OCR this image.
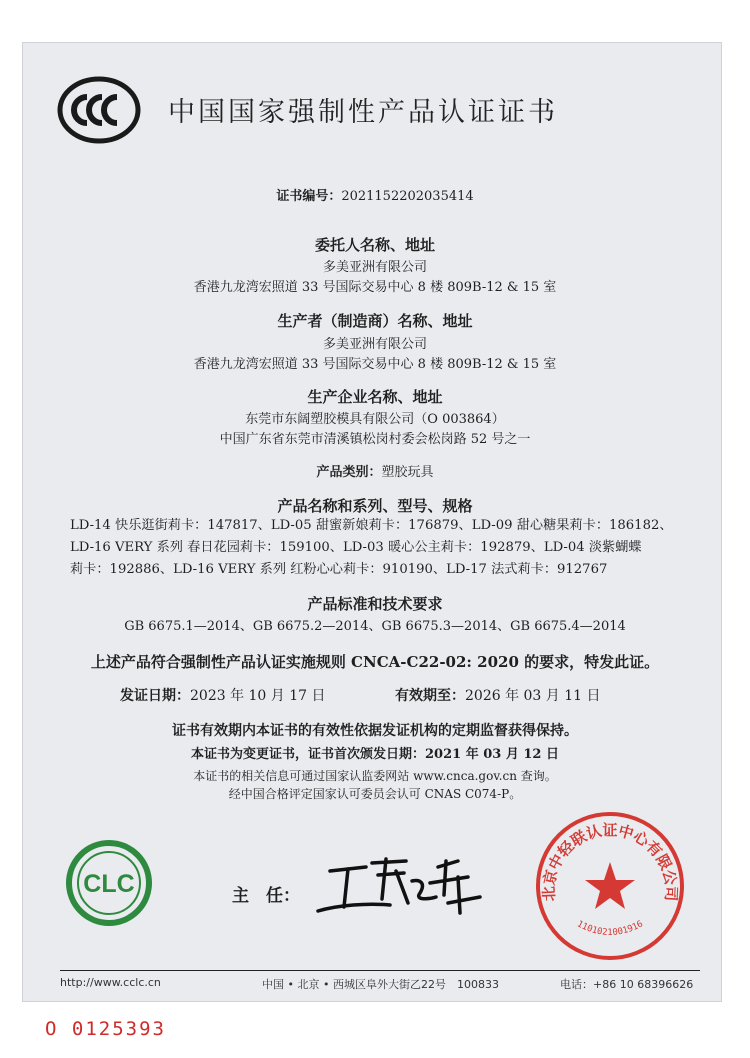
中国国家强制性产品认证证书
证书编号：2021152202035414
委托人名称、地址
多美亚洲有限公司
香港九龙湾宏照道 33 号国际交易中心 8 楼 809B-12 & 15 室
生产者（制造商）名称、地址
多美亚洲有限公司
香港九龙湾宏照道 33 号国际交易中心 8 楼 809B-12 & 15 室
生产企业名称、地址
东莞市东阔塑胶模具有限公司（O 003864）
中国广东省东莞市清溪镇松岗村委会松岗路 52 号之一
产品类别：塑胶玩具
产品名称和系列、型号、规格
LD-14 快乐逛街莉卡：147817、LD-05 甜蜜新娘莉卡：176879、LD-09 甜心糖果莉卡：186182、
LD-16 VERY 系列 春日花园莉卡：159100、LD-03 暖心公主莉卡：192879、LD-04 淡紫蝴蝶
莉卡：192886、LD-16 VERY 系列 红粉心心莉卡：910190、LD-17 法式莉卡：912767
产品标准和技术要求
GB 6675.1—2014、GB 6675.2—2014、GB 6675.3—2014、GB 6675.4—2014
上述产品符合强制性产品认证实施规则 CNCA-C22-02: 2020 的要求，特发此证。
发证日期：2023 年 10 月 17 日	有效期至：2026 年 03 月 11 日
证书有效期内本证书的有效性依据发证机构的定期监督获得保持。
本证书为变更证书，证书首次颁发日期：2021 年 03 月 12 日
本证书的相关信息可通过国家认监委网站 www.cnca.gov.cn 查询。
经中国合格评定国家认可委员会认可 CNAS C074-P。
CLC	主　任：	北京中轻联认证中心有限公司
1101021001916
http://www.cclc.cn	中国 • 北京 • 西城区阜外大街乙22号　100833	电话：+86 10 68396626
O 0125393
